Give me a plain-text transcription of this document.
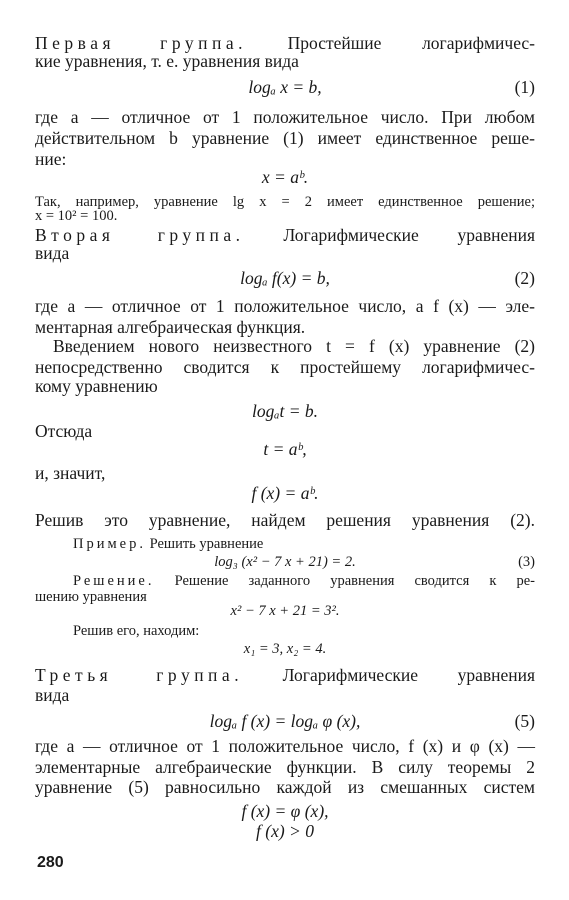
Первая группа. Простейшие логарифмичес-
кие уравнения, т. е. уравнения вида
logₐ x = b,	(1)
где a — отличное от 1 положительное число. При любом
действительном b уравнение (1) имеет единственное реше-
ние:
x = aᵇ.
Так, например, уравнение lg x = 2 имеет единственное решение;
x = 10² = 100.
Вторая группа. Логарифмические уравнения
вида
logₐ f(x) = b,	(2)
где a — отличное от 1 положительное число, а f (x) — эле-
ментарная алгебраическая функция.
Введением нового неизвестного t = f (x) уравнение (2)
непосредственно сводится к простейшему логарифмичес-
кому уравнению
logₐt = b.
Отсюда
t = aᵇ,
и, значит,
f (x) = aᵇ.
Решив это уравнение, найдем решения уравнения (2).
Пример. Решить уравнение
log₃ (x² − 7 x + 21) = 2.	(3)
Решение. Решение заданного уравнения сводится к ре-
шению уравнения
x² − 7 x + 21 = 3².
Решив его, находим:
x₁ = 3, x₂ = 4.
Третья группа. Логарифмические уравнения
вида
logₐ f (x) = logₐ φ (x),	(5)
где a — отличное от 1 положительное число, f (x) и φ (x) —
элементарные алгебраические функции. В силу теоремы 2
уравнение (5) равносильно каждой из смешанных систем
f (x) = φ (x),
f (x) > 0
280
